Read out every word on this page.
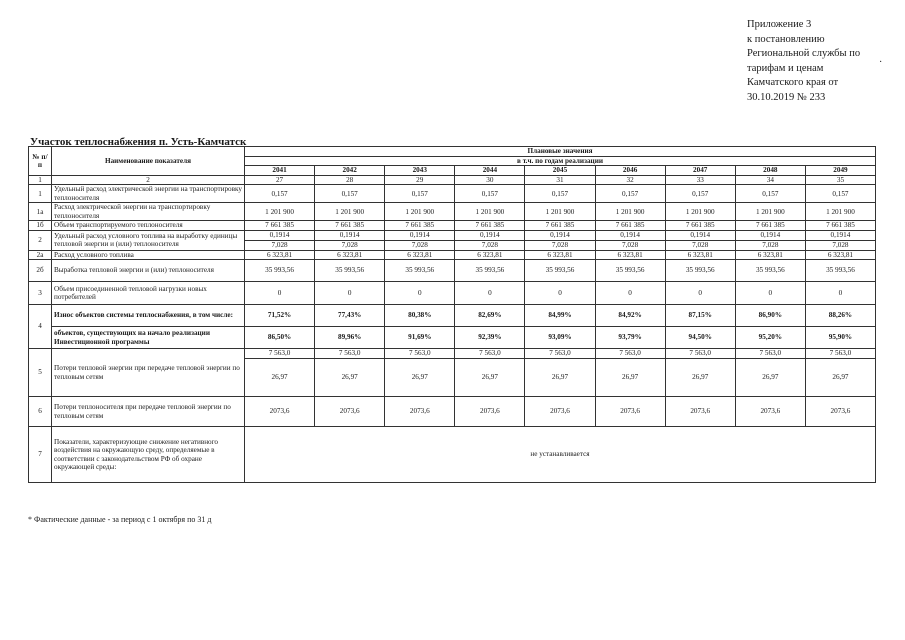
Приложение 3
к постановлению
Региональной службы по
тарифам и ценам
Камчатского края от
30.10.2019 № 233
·
Участок теплоснабжения п. Усть-Камчатск
№ п/п	Наименование показателя	Плановые значения								
		в т.ч. по годам реализации								
		2041	2042	2043	2044	2045	2046	2047	2048	2049
1	2	27	28	29	30	31	32	33	34	35
1	Удельный расход электрической энергии на транспортировку теплоносителя	0,157	0,157	0,157	0,157	0,157	0,157	0,157	0,157	0,157
1а	Расход электрической энергии на транспортировку теплоносителя	1 201 900	1 201 900	1 201 900	1 201 900	1 201 900	1 201 900	1 201 900	1 201 900	1 201 900
1б	Объем транспортируемого теплоносителя	7 661 385	7 661 385	7 661 385	7 661 385	7 661 385	7 661 385	7 661 385	7 661 385	7 661 385
2	Удельный расход условного топлива на выработку единицы тепловой энергии и (или) теплоносителя	0,1914	0,1914	0,1914	0,1914	0,1914	0,1914	0,1914	0,1914	0,1914
		7,028	7,028	7,028	7,028	7,028	7,028	7,028	7,028	7,028
2а	Расход условного топлива	6 323,81	6 323,81	6 323,81	6 323,81	6 323,81	6 323,81	6 323,81	6 323,81	6 323,81
2б	Выработка тепловой энергии и (или) теплоносителя	35 993,56	35 993,56	35 993,56	35 993,56	35 993,56	35 993,56	35 993,56	35 993,56	35 993,56
3	Объем присоединенной тепловой нагрузки новых потребителей	0	0	0	0	0	0	0	0	0
4	Износ объектов системы теплоснабжения, в том числе:	71,52%	77,43%	80,38%	82,69%	84,99%	84,92%	87,15%	86,90%	88,26%
	объектов, существующих на начало реализации Инвестиционной программы	86,50%	89,96%	91,69%	92,39%	93,09%	93,79%	94,50%	95,20%	95,90%
5	Потери тепловой энергии при передаче тепловой энергии по тепловым сетям	7 563,0	7 563,0	7 563,0	7 563,0	7 563,0	7 563,0	7 563,0	7 563,0	7 563,0
		26,97	26,97	26,97	26,97	26,97	26,97	26,97	26,97	26,97
6	Потери теплоносителя при передаче тепловой энергии по тепловым сетям	2073,6	2073,6	2073,6	2073,6	2073,6	2073,6	2073,6	2073,6	2073,6
7	Показатели, характеризующие снижение негативного воздействия на окружающую среду, определяемые в соответствии с законодательством РФ об охране окружающей среды:	не устанавливается								
* Фактические данные - за период с 1 октября по 31 д
